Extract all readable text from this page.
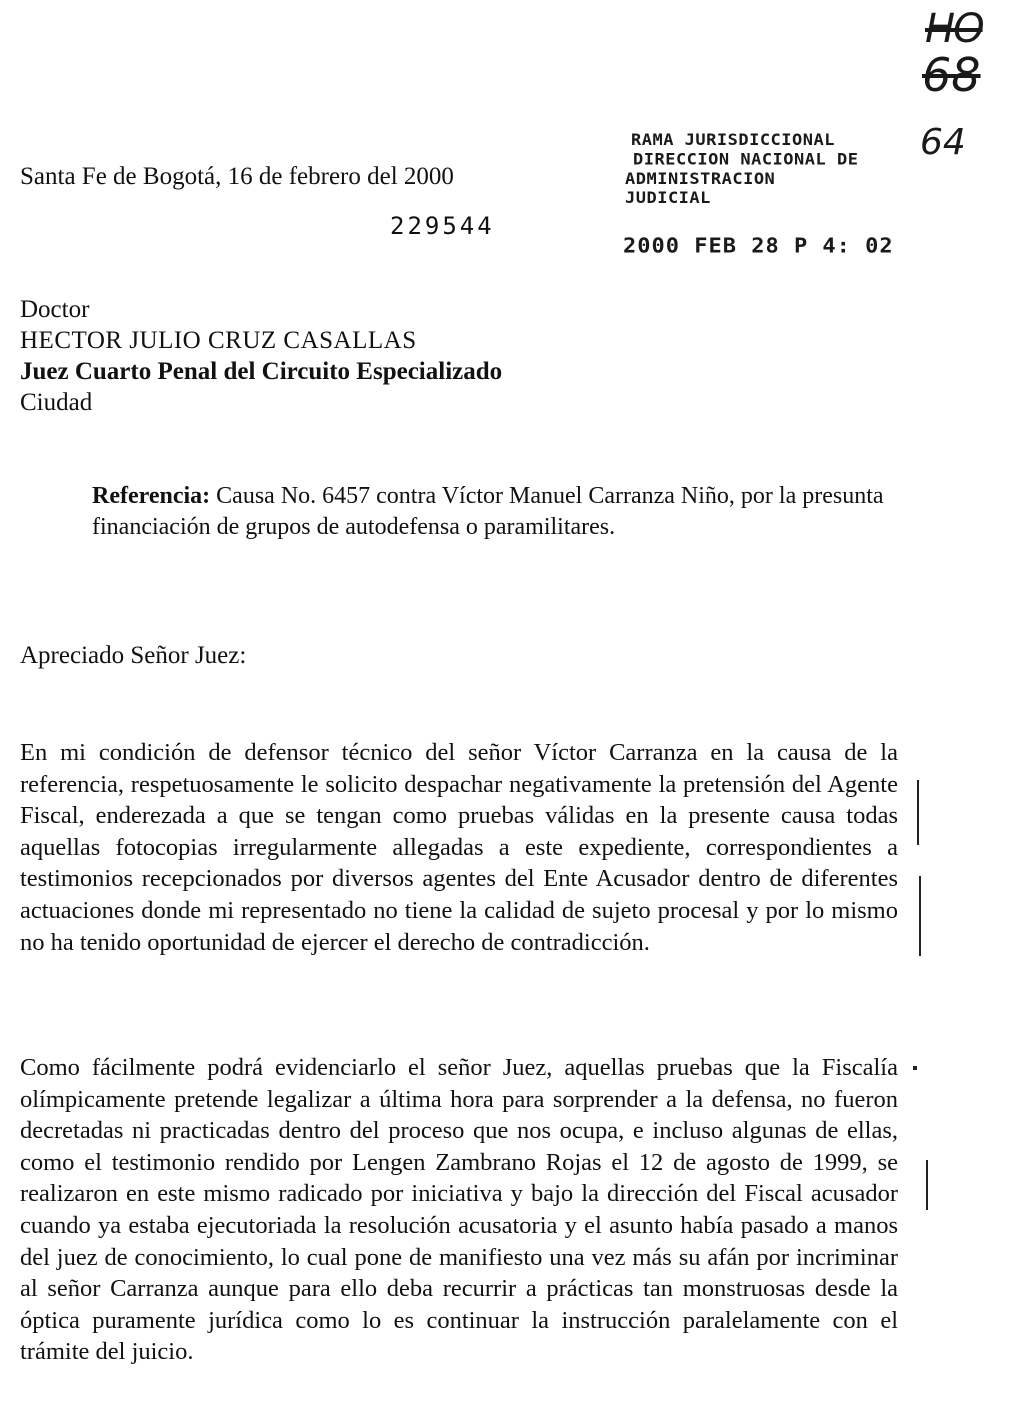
HO
68
64
RAMA JURISDICCIONAL
DIRECCION NACIONAL DE
ADMINISTRACION JUDICIAL
2000 FEB 28 P 4: 02
Santa Fe de Bogotá, 16 de febrero del 2000
229544
Doctor
HECTOR JULIO CRUZ CASALLAS
Juez Cuarto Penal del Circuito Especializado
Ciudad
Referencia: Causa No. 6457 contra Víctor Manuel Carranza Niño, por la presunta financiación de grupos de autodefensa o paramilitares.
Apreciado Señor Juez:
En mi condición de defensor técnico del señor Víctor Carranza en la causa de la referencia, respetuosamente le solicito despachar negativamente la pretensión del Agente Fiscal, enderezada a que se tengan como pruebas válidas en la presente causa todas aquellas fotocopias irregularmente allegadas a este expediente, correspondientes a testimonios recepcionados por diversos agentes del Ente Acusador dentro de diferentes actuaciones donde mi representado no tiene la calidad de sujeto procesal y por lo mismo no ha tenido oportunidad de ejercer el derecho de contradicción.
Como fácilmente podrá evidenciarlo el señor Juez, aquellas pruebas que la Fiscalía olímpicamente pretende legalizar a última hora para sorprender a la defensa, no fueron decretadas ni practicadas dentro del proceso que nos ocupa, e incluso algunas de ellas, como el testimonio rendido por Lengen Zambrano Rojas el 12 de agosto de 1999, se realizaron en este mismo radicado por iniciativa y bajo la dirección del Fiscal acusador cuando ya estaba ejecutoriada la resolución acusatoria y el asunto había pasado a manos del juez de conocimiento, lo cual pone de manifiesto una vez más su afán por incriminar al señor Carranza aunque para ello deba recurrir a prácticas tan monstruosas desde la óptica puramente jurídica como lo es continuar la instrucción paralelamente con el trámite del juicio.
